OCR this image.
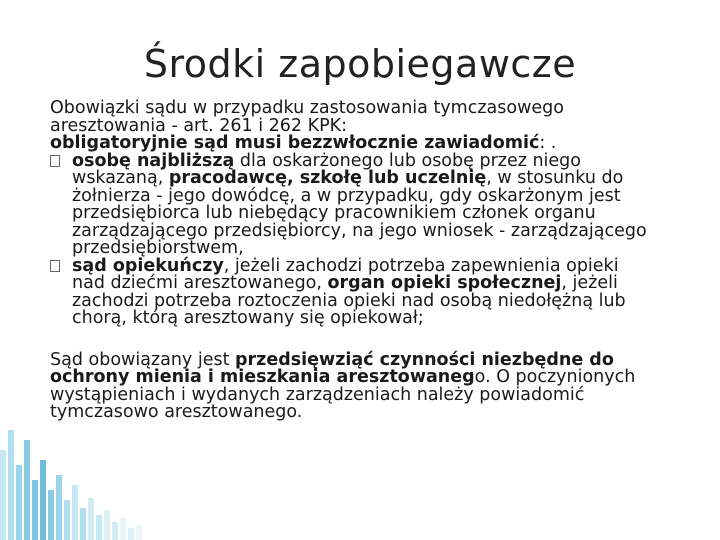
Środki zapobiegawcze

Obowiązki sądu w przypadku zastosowania tymczasowego aresztowania - art. 261 i 262 KPK:

obligatoryjnie sąd musi bezzwłocznie zawiadomić: .

osobę najbliższą dla oskarżonego lub osobę przez niego wskazaną, pracodawcę, szkołę lub uczelnię, w stosunku do żołnierza - jego dowódcę, a w przypadku, gdy oskarżonym jest przedsiębiorca lub niebędący pracownikiem członek organu zarządzającego przedsiębiorcy, na jego wniosek - zarządzającego przedsiębiorstwem,
sąd opiekuńczy, jeżeli zachodzi potrzeba zapewnienia opieki nad dziećmi aresztowanego, organ opieki społecznej, jeżeli zachodzi potrzeba roztoczenia opieki nad osobą niedołężną lub chorą, którą aresztowany się opiekował;

Sąd obowiązany jest przedsięwziąć czynności niezbędne do ochrony mienia i mieszkania aresztowanego. O poczynionych wystąpieniach i wydanych zarządzeniach należy powiadomić tymczasowo aresztowanego.
